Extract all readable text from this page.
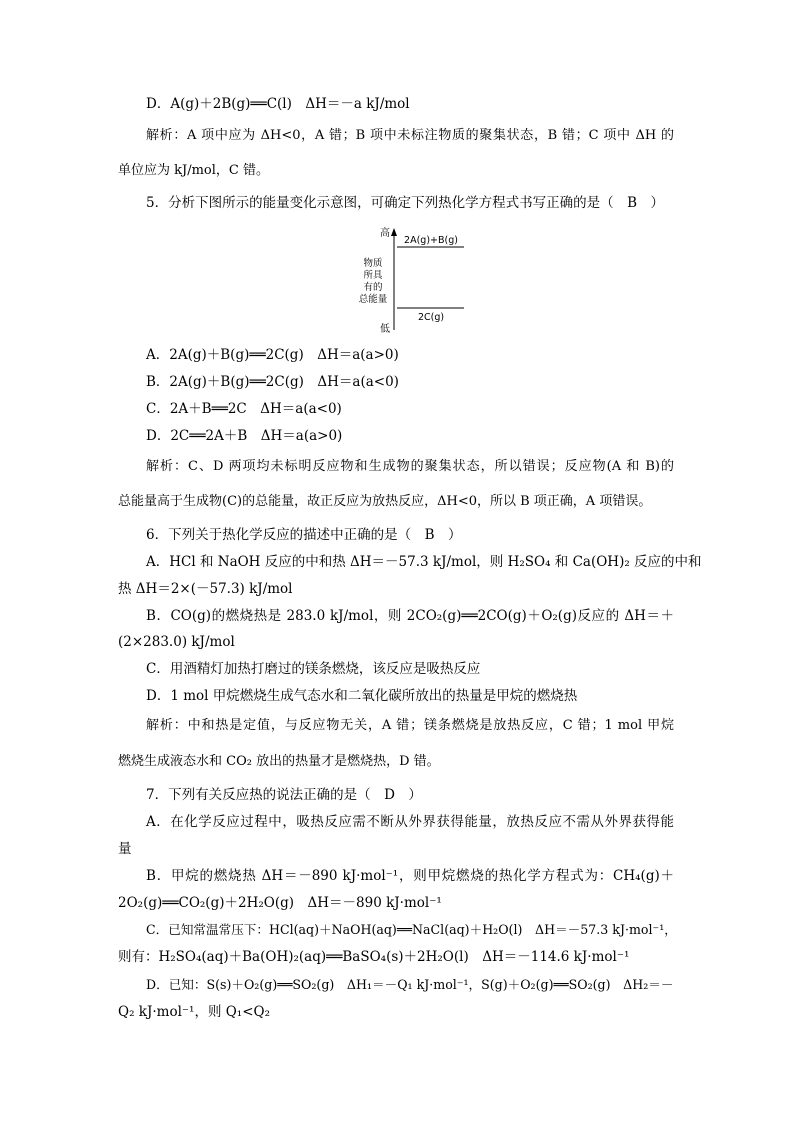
D．A(g)＋2B(g)══C(l)　ΔH＝－a kJ/mol
解析：A 项中应为 ΔH<0，A 错；B 项中未标注物质的聚集状态，B 错；C 项中 ΔH 的
单位应为 kJ/mol，C 错。
5．分析下图所示的能量变化示意图，可确定下列热化学方程式书写正确的是（　B　）
高
低
物质
所具
有的
总能量
2A(g)+B(g)
2C(g)
A．2A(g)＋B(g)══2C(g)　ΔH＝a(a>0)
B．2A(g)＋B(g)══2C(g)　ΔH＝a(a<0)
C．2A＋B══2C　ΔH＝a(a<0)
D．2C══2A＋B　ΔH＝a(a>0)
解析：C、D 两项均未标明反应物和生成物的聚集状态，所以错误；反应物(A 和 B)的
总能量高于生成物(C)的总能量，故正反应为放热反应，ΔH<0，所以 B 项正确，A 项错误。
6．下列关于热化学反应的描述中正确的是（　B　）
A．HCl 和 NaOH 反应的中和热 ΔH＝－57.3 kJ/mol，则 H₂SO₄ 和 Ca(OH)₂ 反应的中和
热 ΔH＝2×(－57.3) kJ/mol
B．CO(g)的燃烧热是 283.0 kJ/mol，则 2CO₂(g)══2CO(g)＋O₂(g)反应的 ΔH＝＋
(2×283.0) kJ/mol
C．用酒精灯加热打磨过的镁条燃烧，该反应是吸热反应
D．1 mol 甲烷燃烧生成气态水和二氧化碳所放出的热量是甲烷的燃烧热
解析：中和热是定值，与反应物无关，A 错；镁条燃烧是放热反应，C 错；1 mol 甲烷
燃烧生成液态水和 CO₂ 放出的热量才是燃烧热，D 错。
7．下列有关反应热的说法正确的是（　D　）
A．在化学反应过程中，吸热反应需不断从外界获得能量，放热反应不需从外界获得能
量
B．甲烷的燃烧热 ΔH＝－890 kJ·mol⁻¹，则甲烷燃烧的热化学方程式为：CH₄(g)＋
2O₂(g)══CO₂(g)＋2H₂O(g)　ΔH＝－890 kJ·mol⁻¹
C．已知常温常压下：HCl(aq)＋NaOH(aq)══NaCl(aq)＋H₂O(l)　ΔH＝－57.3 kJ·mol⁻¹，
则有：H₂SO₄(aq)＋Ba(OH)₂(aq)══BaSO₄(s)＋2H₂O(l)　ΔH＝－114.6 kJ·mol⁻¹
D．已知：S(s)＋O₂(g)══SO₂(g)　ΔH₁＝－Q₁ kJ·mol⁻¹，S(g)＋O₂(g)══SO₂(g)　ΔH₂＝－
Q₂ kJ·mol⁻¹，则 Q₁<Q₂
